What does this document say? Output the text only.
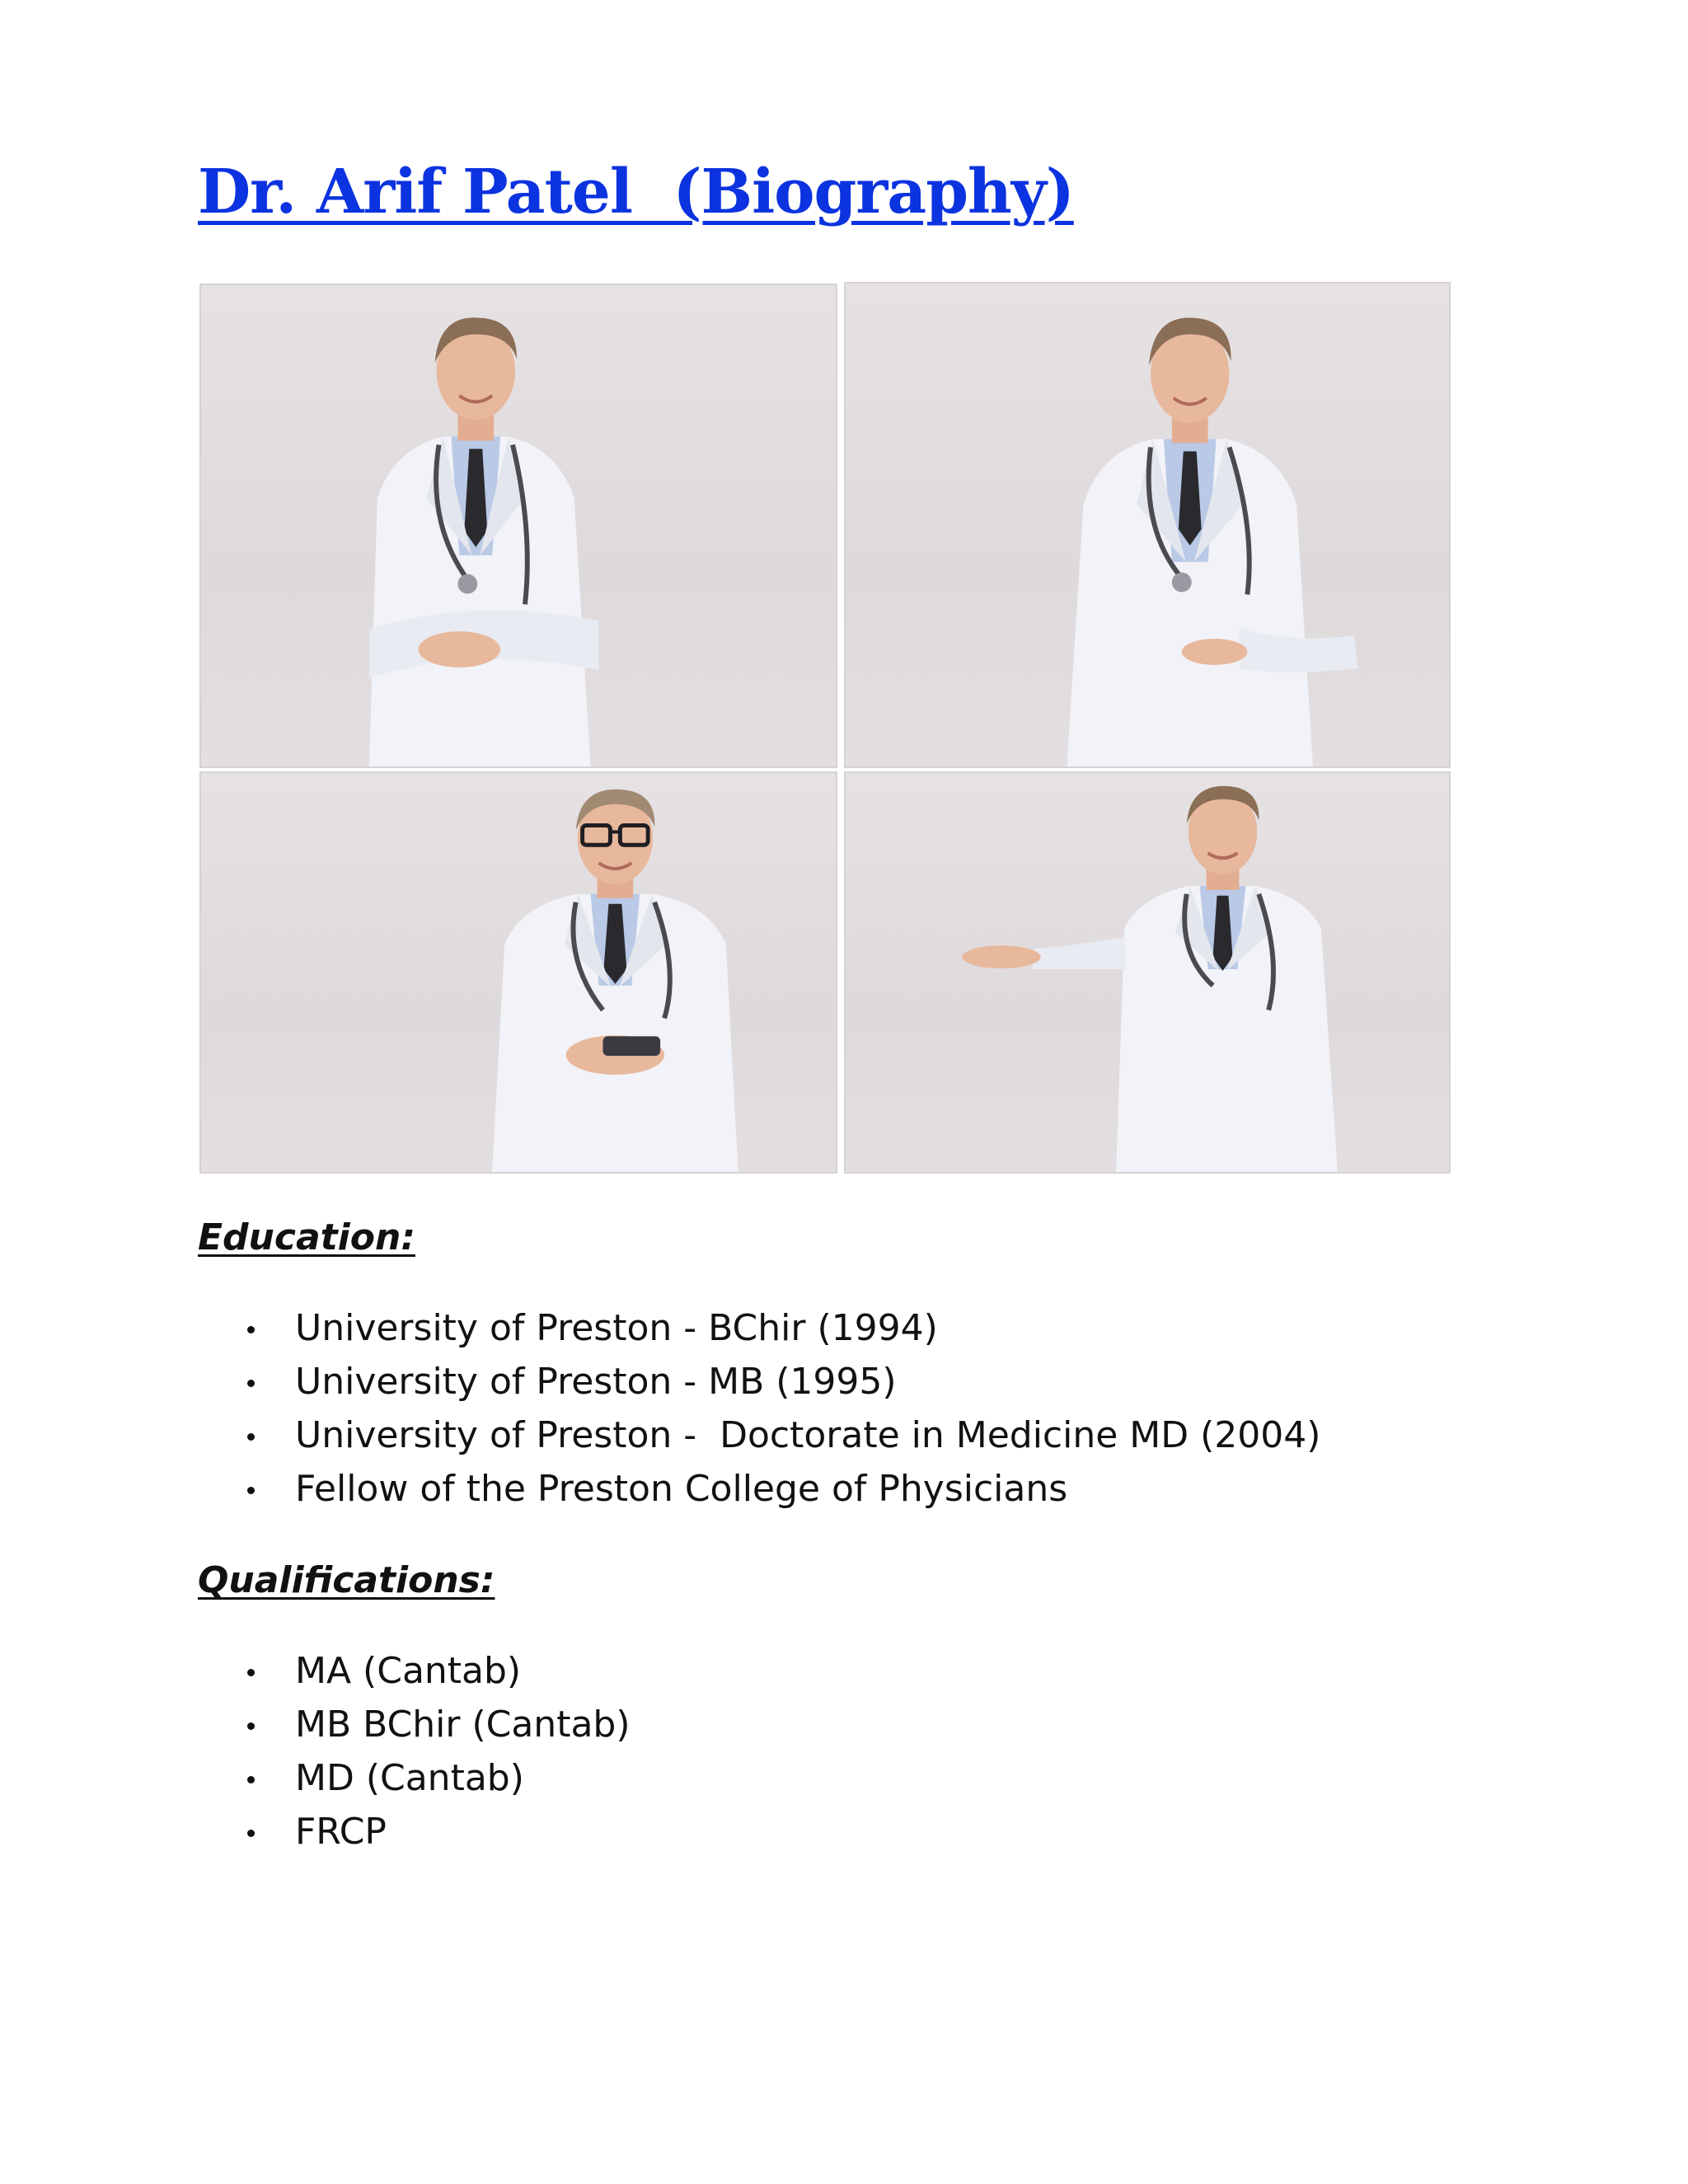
Dr. Arif Patel  (Biography)
Education:
University of Preston - BChir (1994)
University of Preston - MB (1995)
University of Preston -  Doctorate in Medicine MD (2004)
Fellow of the Preston College of Physicians
Qualifications:
MA (Cantab)
MB BChir (Cantab)
MD (Cantab)
FRCP
